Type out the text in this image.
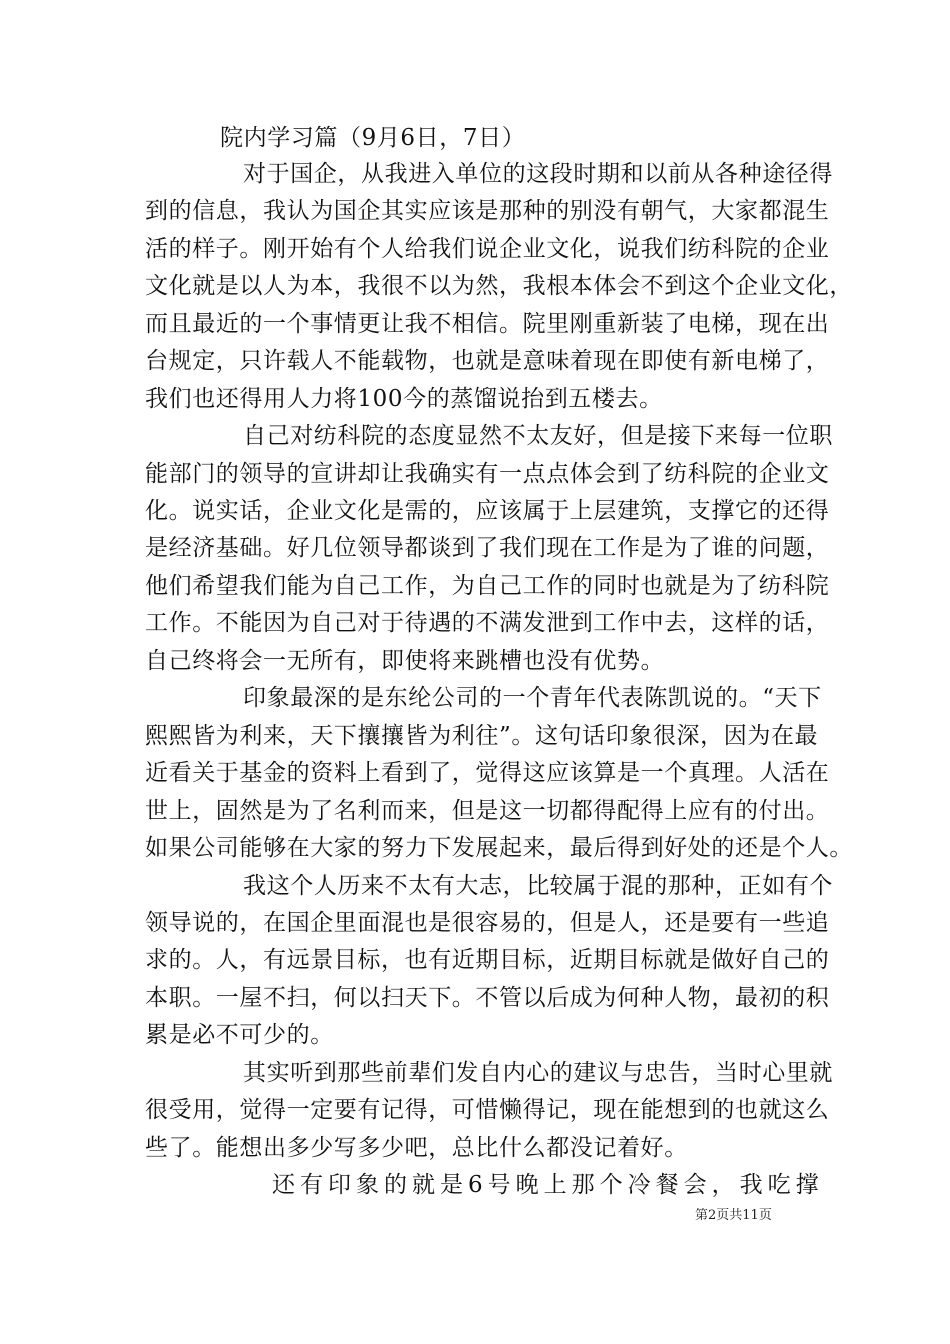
院内学习篇（9月6日，7日）
对于国企，从我进入单位的这段时期和以前从各种途径得
到的信息，我认为国企其实应该是那种的别没有朝气，大家都混生
活的样子。刚开始有个人给我们说企业文化，说我们纺科院的企业
文化就是以人为本，我很不以为然，我根本体会不到这个企业文化，
而且最近的一个事情更让我不相信。院里刚重新装了电梯，现在出
台规定，只许载人不能载物，也就是意味着现在即使有新电梯了，
我们也还得用人力将100今的蒸馏说抬到五楼去。
自己对纺科院的态度显然不太友好，但是接下来每一位职
能部门的领导的宣讲却让我确实有一点点体会到了纺科院的企业文
化。说实话，企业文化是需的，应该属于上层建筑，支撑它的还得
是经济基础。好几位领导都谈到了我们现在工作是为了谁的问题，
他们希望我们能为自己工作，为自己工作的同时也就是为了纺科院
工作。不能因为自己对于待遇的不满发泄到工作中去，这样的话，
自己终将会一无所有，即使将来跳槽也没有优势。
印象最深的是东纶公司的一个青年代表陈凯说的。“天下
熙熙皆为利来，天下攘攘皆为利往”。这句话印象很深，因为在最
近看关于基金的资料上看到了，觉得这应该算是一个真理。人活在
世上，固然是为了名利而来，但是这一切都得配得上应有的付出。
如果公司能够在大家的努力下发展起来，最后得到好处的还是个人。
我这个人历来不太有大志，比较属于混的那种，正如有个
领导说的，在国企里面混也是很容易的，但是人，还是要有一些追
求的。人，有远景目标，也有近期目标，近期目标就是做好自己的
本职。一屋不扫，何以扫天下。不管以后成为何种人物，最初的积
累是必不可少的。
其实听到那些前辈们发自内心的建议与忠告，当时心里就
很受用，觉得一定要有记得，可惜懒得记，现在能想到的也就这么
些了。能想出多少写多少吧，总比什么都没记着好。
还有印象的就是6号晚上那个冷餐会，我吃撑
第2页共11页
